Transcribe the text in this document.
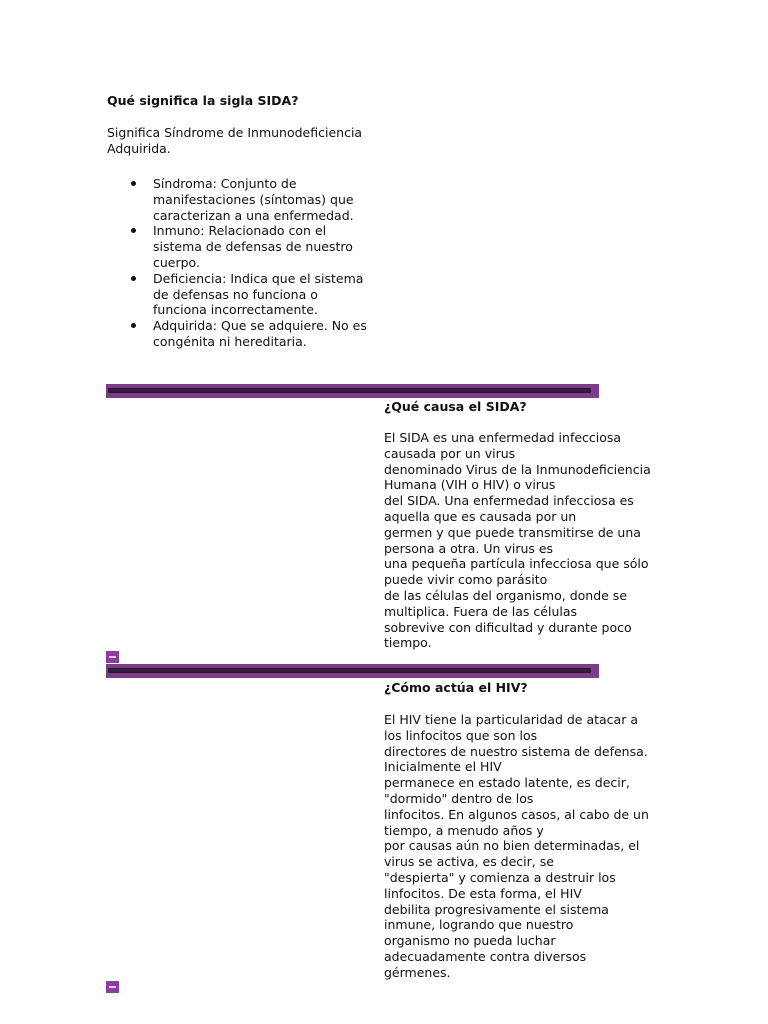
Qué significa la sigla SIDA?

Significa Síndrome de Inmunodeficiencia
Adquirida.

Síndroma: Conjunto de
manifestaciones (síntomas) que
caracterizan a una enfermedad.
Inmuno: Relacionado con el
sistema de defensas de nuestro
cuerpo.
Deficiencia: Indica que el sistema
de defensas no funciona o
funciona incorrectamente.
Adquirida: Que se adquiere. No es
congénita ni hereditaria.
¿Qué causa el SIDA?

El SIDA es una enfermedad infecciosa
causada por un virus
denominado Virus de la Inmunodeficiencia
Humana (VIH o HIV) o virus
del SIDA. Una enfermedad infecciosa es
aquella que es causada por un
germen y que puede transmitirse de una
persona a otra. Un virus es
una pequeña partícula infecciosa que sólo
puede vivir como parásito
de las células del organismo, donde se
multiplica. Fuera de las células
sobrevive con dificultad y durante poco
tiempo.

¿Cómo actúa el HIV?

El HIV tiene la particularidad de atacar a
los linfocitos que son los
directores de nuestro sistema de defensa.
Inicialmente el HIV
permanece en estado latente, es decir,
"dormido" dentro de los
linfocitos. En algunos casos, al cabo de un
tiempo, a menudo años y
por causas aún no bien determinadas, el
virus se activa, es decir, se
"despierta" y comienza a destruir los
linfocitos. De esta forma, el HIV
debilita progresivamente el sistema
inmune, logrando que nuestro
organismo no pueda luchar
adecuadamente contra diversos
gérmenes.
